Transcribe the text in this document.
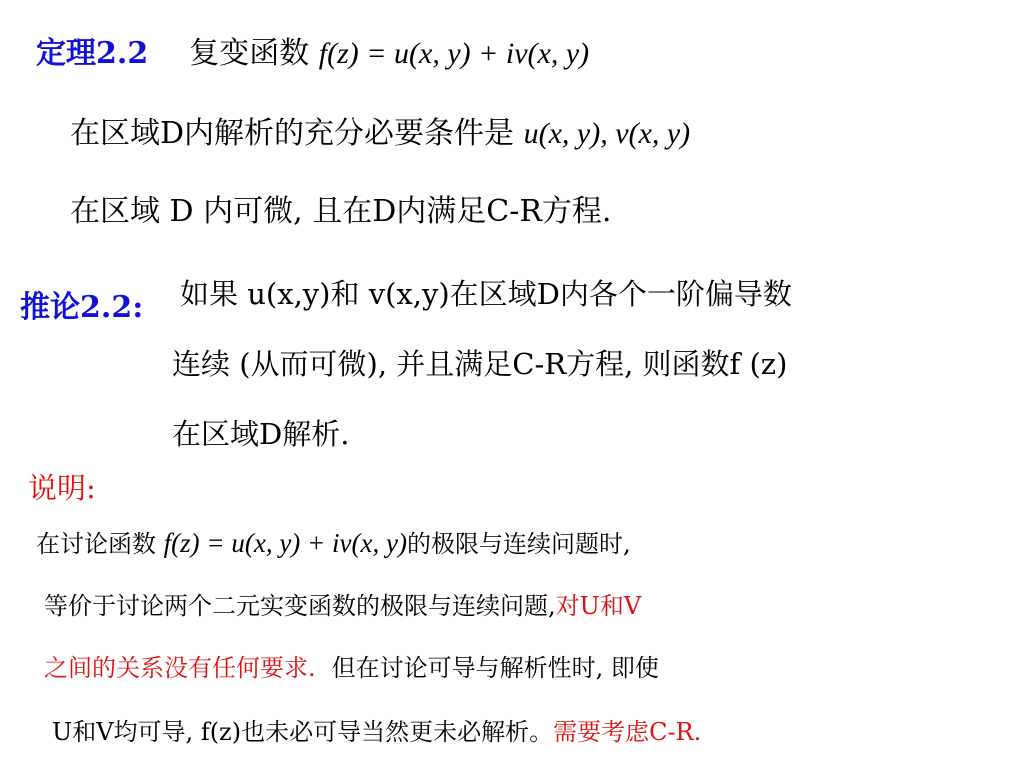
定理2.2 复变函数 f(z) = u(x, y) + iv(x, y)
在区域D内解析的充分必要条件是 u(x, y), v(x, y)
在区域 D 内可微, 且在D内满足C-R方程.
推论2.2: 如果 u(x,y)和 v(x,y)在区域D内各个一阶偏导数
连续 (从而可微), 并且满足C-R方程, 则函数f (z)
在区域D解析.
说明:
在讨论函数 f(z) = u(x, y) + iv(x, y)的极限与连续问题时,
等价于讨论两个二元实变函数的极限与连续问题,对U和V
之间的关系没有任何要求. 但在讨论可导与解析性时, 即使
U和V均可导, f(z)也未必可导当然更未必解析。需要考虑C-R.
